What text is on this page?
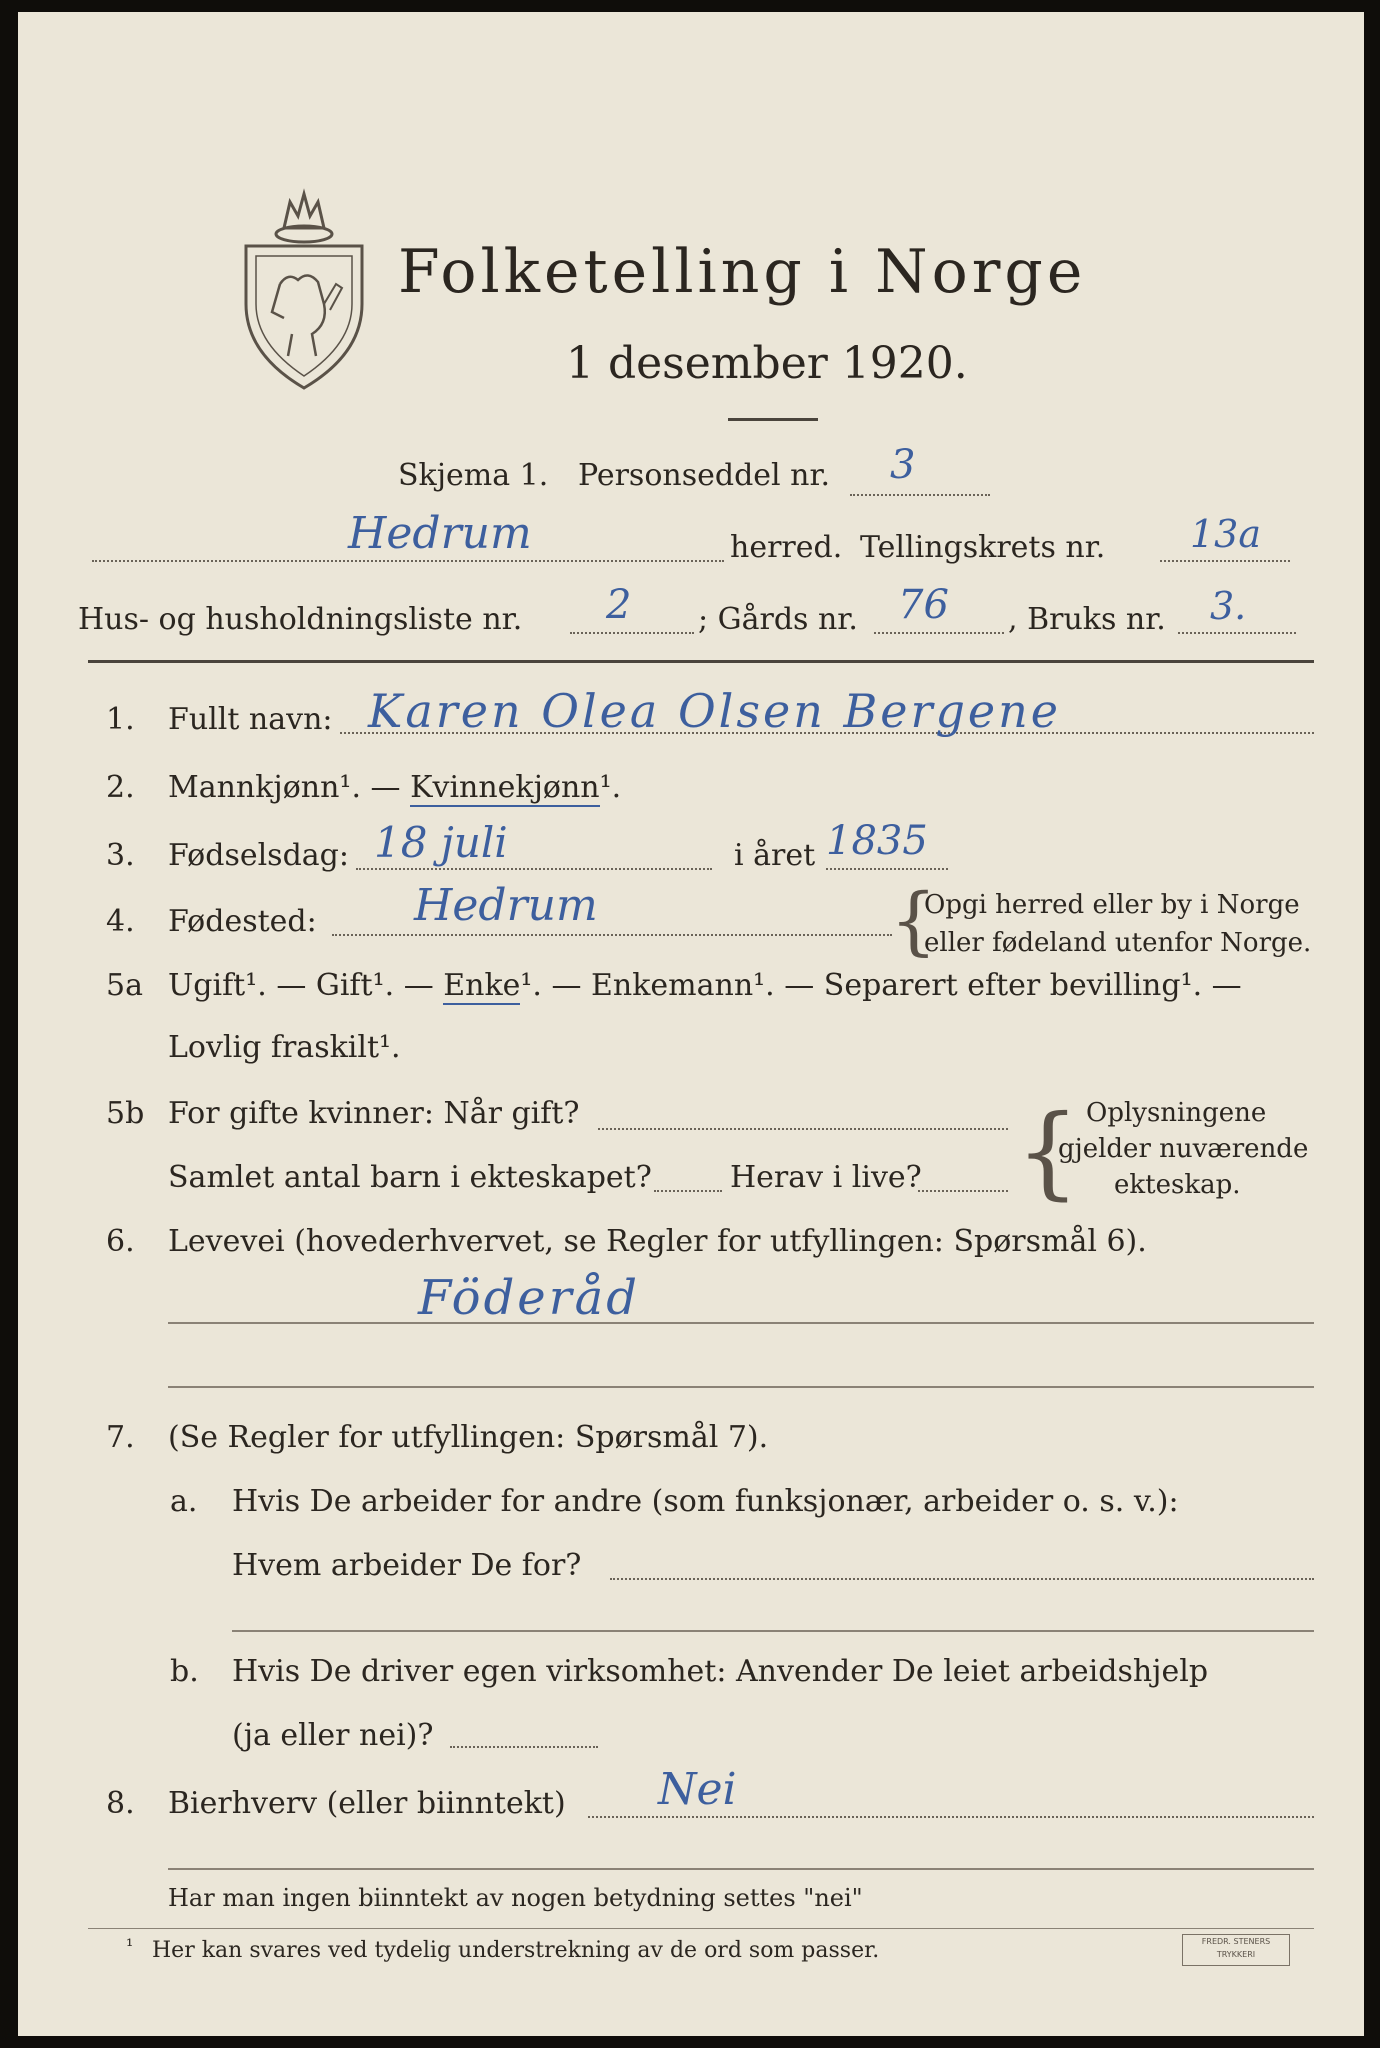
Folketelling i Norge
1 desember 1920.
Skjema 1. Personseddel nr. 3
Hedrum	herred. Tellingskrets nr. 13a
Hus- og husholdningsliste nr. 2 ; Gårds nr. 76 , Bruks nr. 3.
1. Fullt navn: Karen Olea Olsen Bergene
2. Mannkjønn¹. — Kvinnekjønn¹.
3. Fødselsdag: 18 juli	i året 1835
4. Fødested: Hedrum	{
Opgi herred eller by i Norge
eller fødeland utenfor Norge.
5a Ugift¹. — Gift¹. — Enke¹. — Enkemann¹. — Separert efter bevilling¹. —
Lovlig fraskilt¹.
5b For gifte kvinner: Når gift?
Samlet antal barn i ekteskapet?	Herav i live? { Oplysningene
gjelder nuværende
ekteskap.
6. Levevei (hovederhvervet, se Regler for utfyllingen: Spørsmål 6).
Föderåd
7. (Se Regler for utfyllingen: Spørsmål 7).
a. Hvis De arbeider for andre (som funksjonær, arbeider o. s. v.):
Hvem arbeider De for?
b. Hvis De driver egen virksomhet: Anvender De leiet arbeidshjelp
(ja eller nei)?
8. Bierhverv (eller biinntekt) Nei
Har man ingen biinntekt av nogen betydning settes "nei"
¹ Her kan svares ved tydelig understrekning av de ord som passer.	FREDR. STENERS
TRYKKERI
